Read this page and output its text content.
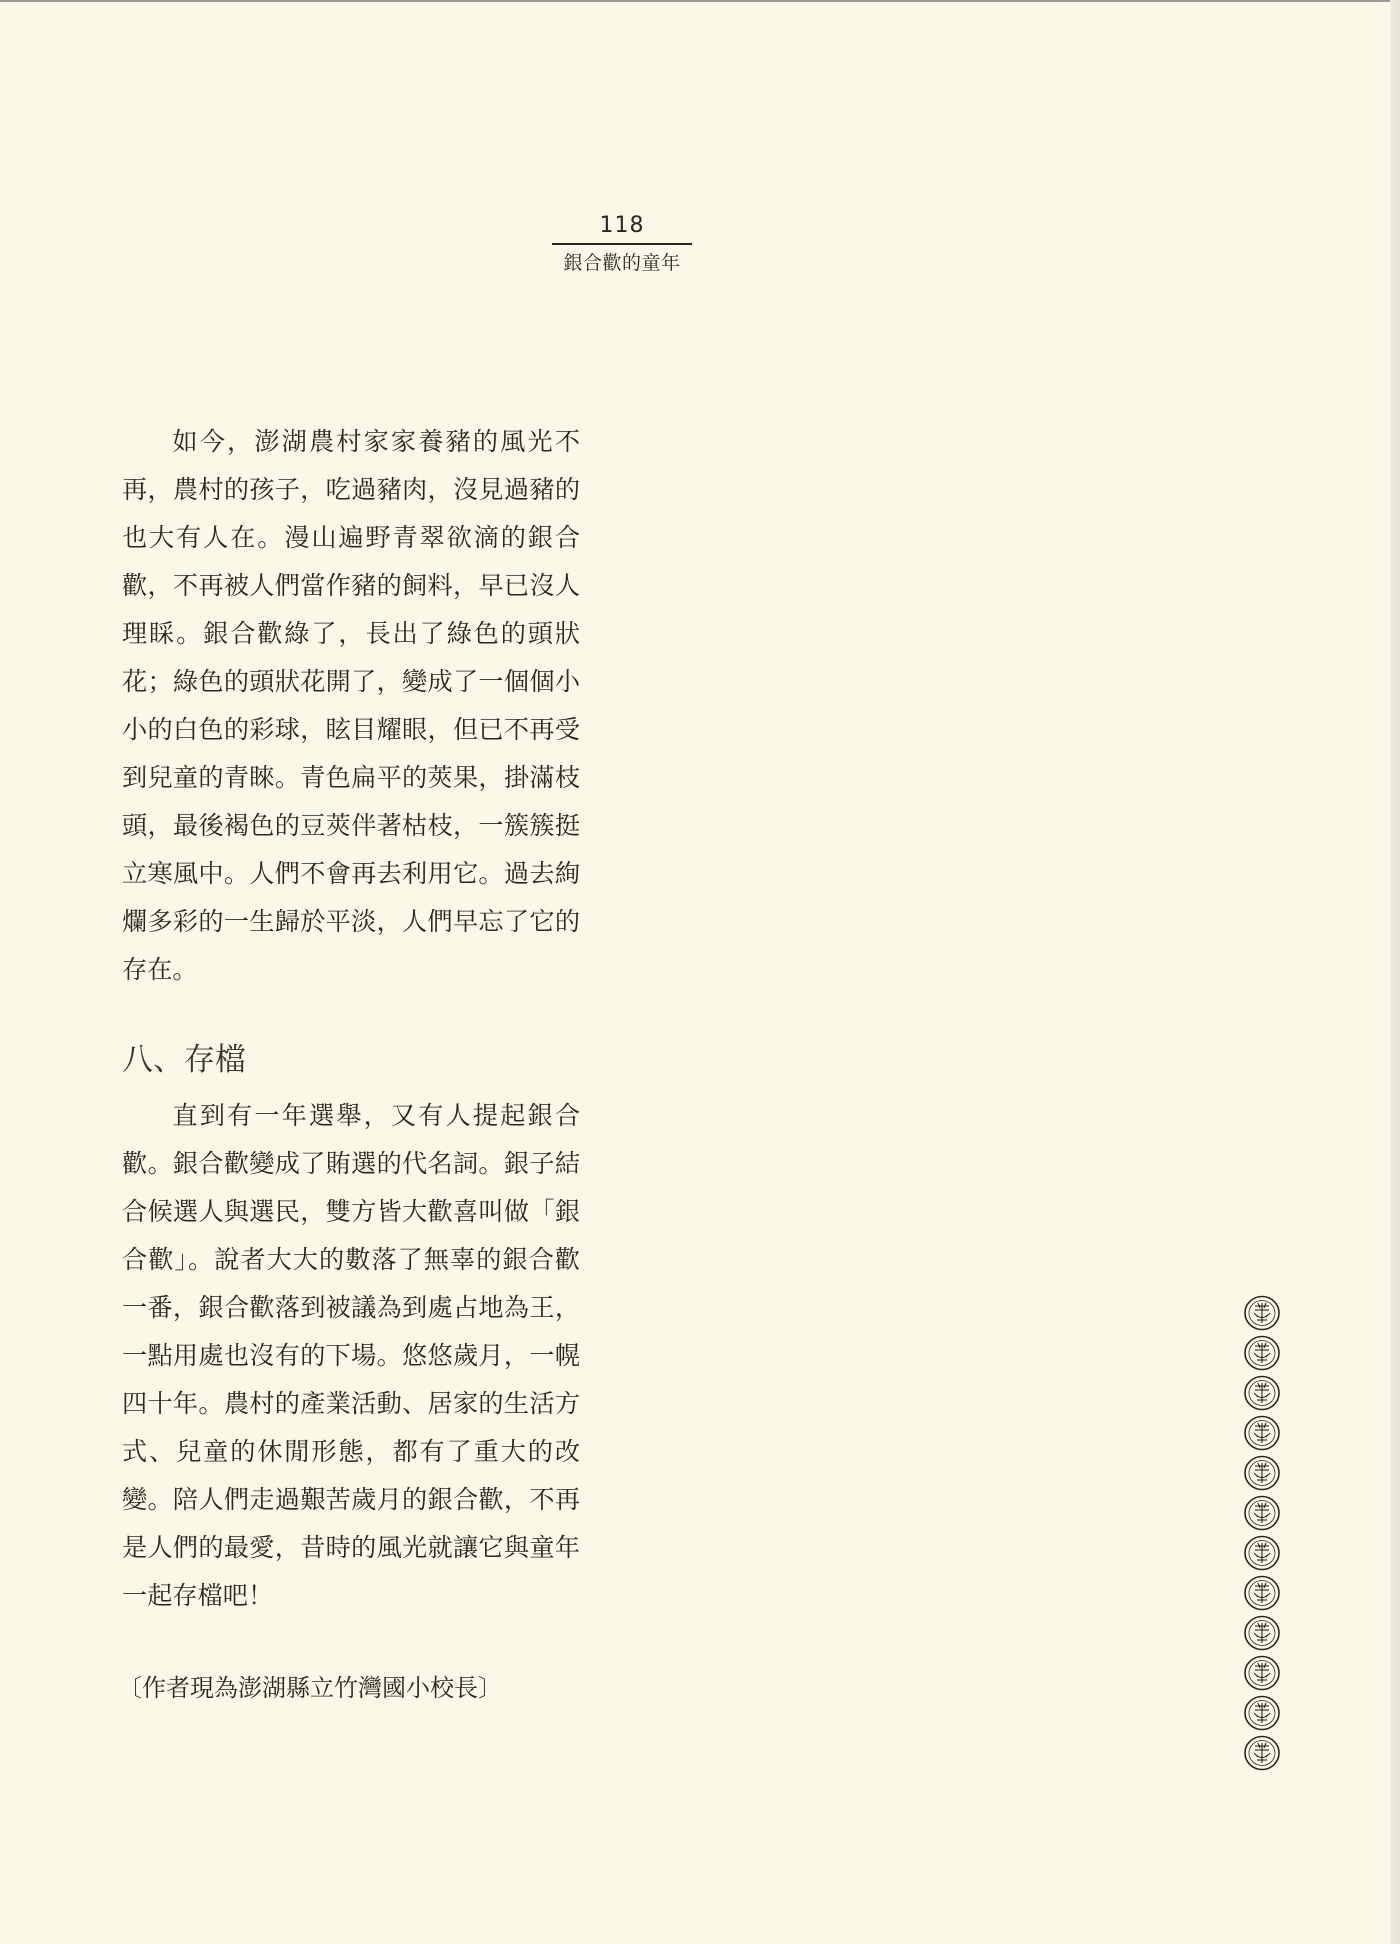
118
銀合歡的童年

如今，澎湖農村家家養豬的風光不再，農村的孩子，吃過豬肉，沒見過豬的也大有人在。漫山遍野青翠欲滴的銀合歡，不再被人們當作豬的飼料，早已沒人理睬。銀合歡綠了，長出了綠色的頭狀花；綠色的頭狀花開了，變成了一個個小小的白色的彩球，眩目耀眼，但已不再受到兒童的青睞。青色扁平的莢果，掛滿枝頭，最後褐色的豆莢伴著枯枝，一簇簇挺立寒風中。人們不會再去利用它。過去絢爛多彩的一生歸於平淡，人們早忘了它的存在。

八、存檔

直到有一年選舉，又有人提起銀合歡。銀合歡變成了賄選的代名詞。銀子結合候選人與選民，雙方皆大歡喜叫做「銀合歡」。說者大大的數落了無辜的銀合歡一番，銀合歡落到被議為到處占地為王，一點用處也沒有的下場。悠悠歲月，一幌四十年。農村的產業活動、居家的生活方式、兒童的休閒形態，都有了重大的改變。陪人們走過艱苦歲月的銀合歡，不再是人們的最愛，昔時的風光就讓它與童年一起存檔吧！

〔作者現為澎湖縣立竹灣國小校長〕
